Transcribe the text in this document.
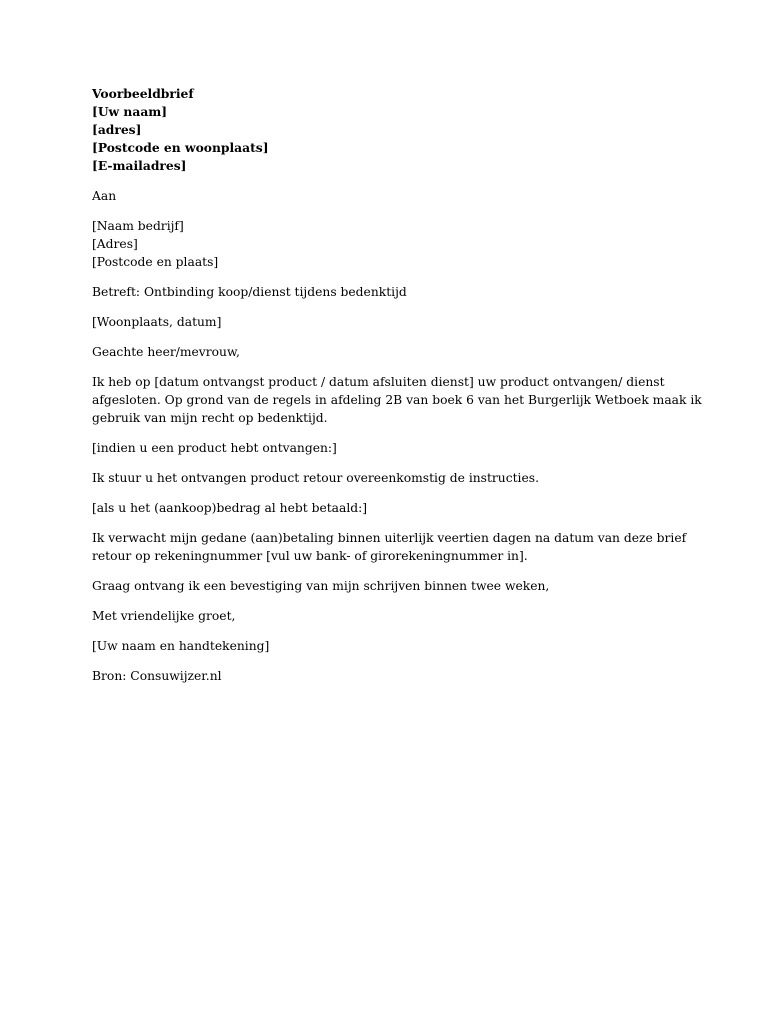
Voorbeeldbrief
[Uw naam]
[adres]
[Postcode en woonplaats]
[E-mailadres]
Aan
[Naam bedrijf]
[Adres]
[Postcode en plaats]
Betreft: Ontbinding koop/dienst tijdens bedenktijd
[Woonplaats, datum]
Geachte heer/mevrouw,
Ik heb op [datum ontvangst product / datum afsluiten dienst] uw product ontvangen/ dienst
afgesloten. Op grond van de regels in afdeling 2B van boek 6 van het Burgerlijk Wetboek maak ik
gebruik van mijn recht op bedenktijd.
[indien u een product hebt ontvangen:]
Ik stuur u het ontvangen product retour overeenkomstig de instructies.
[als u het (aankoop)bedrag al hebt betaald:]
Ik verwacht mijn gedane (aan)betaling binnen uiterlijk veertien dagen na datum van deze brief
retour op rekeningnummer [vul uw bank- of girorekeningnummer in].
Graag ontvang ik een bevestiging van mijn schrijven binnen twee weken,
Met vriendelijke groet,
[Uw naam en handtekening]
Bron: Consuwijzer.nl
